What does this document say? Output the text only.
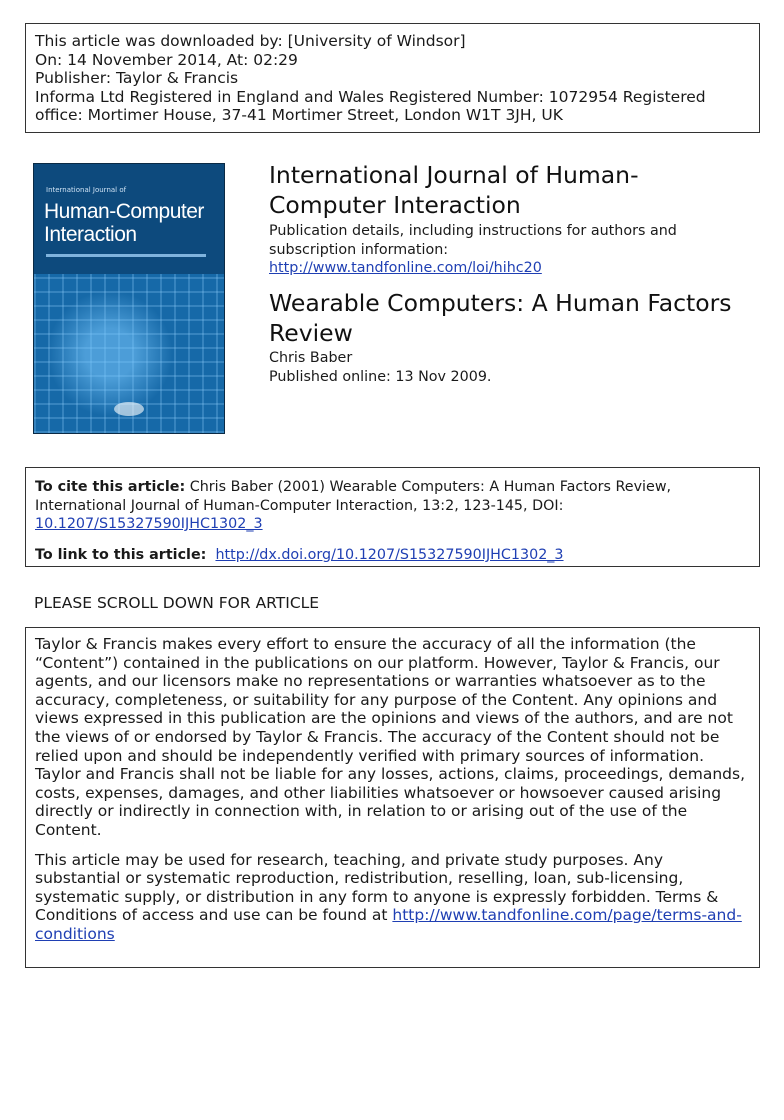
This article was downloaded by: [University of Windsor]
On: 14 November 2014, At: 02:29
Publisher: Taylor & Francis
Informa Ltd Registered in England and Wales Registered Number: 1072954 Registered
office: Mortimer House, 37-41 Mortimer Street, London W1T 3JH, UK
International Journal of
Human-Computer
Interaction
International Journal of Human-Computer Interaction
Publication details, including instructions for authors and subscription information:
http://www.tandfonline.com/loi/hihc20
Wearable Computers: A Human Factors Review
Chris Baber
Published online: 13 Nov 2009.
To cite this article: Chris Baber (2001) Wearable Computers: A Human Factors Review, International Journal of Human-Computer Interaction, 13:2, 123-145, DOI: 10.1207/S15327590IJHC1302_3
To link to this article: http://dx.doi.org/10.1207/S15327590IJHC1302_3
PLEASE SCROLL DOWN FOR ARTICLE

Taylor & Francis makes every effort to ensure the accuracy of all the information (the “Content”) contained in the publications on our platform. However, Taylor & Francis, our agents, and our licensors make no representations or warranties whatsoever as to the accuracy, completeness, or suitability for any purpose of the Content. Any opinions and views expressed in this publication are the opinions and views of the authors, and are not the views of or endorsed by Taylor & Francis. The accuracy of the Content should not be relied upon and should be independently verified with primary sources of information. Taylor and Francis shall not be liable for any losses, actions, claims, proceedings, demands, costs, expenses, damages, and other liabilities whatsoever or howsoever caused arising directly or indirectly in connection with, in relation to or arising out of the use of the Content.

This article may be used for research, teaching, and private study purposes. Any substantial or systematic reproduction, redistribution, reselling, loan, sub-licensing, systematic supply, or distribution in any form to anyone is expressly forbidden. Terms & Conditions of access and use can be found at http://www.tandfonline.com/page/terms-and-conditions
